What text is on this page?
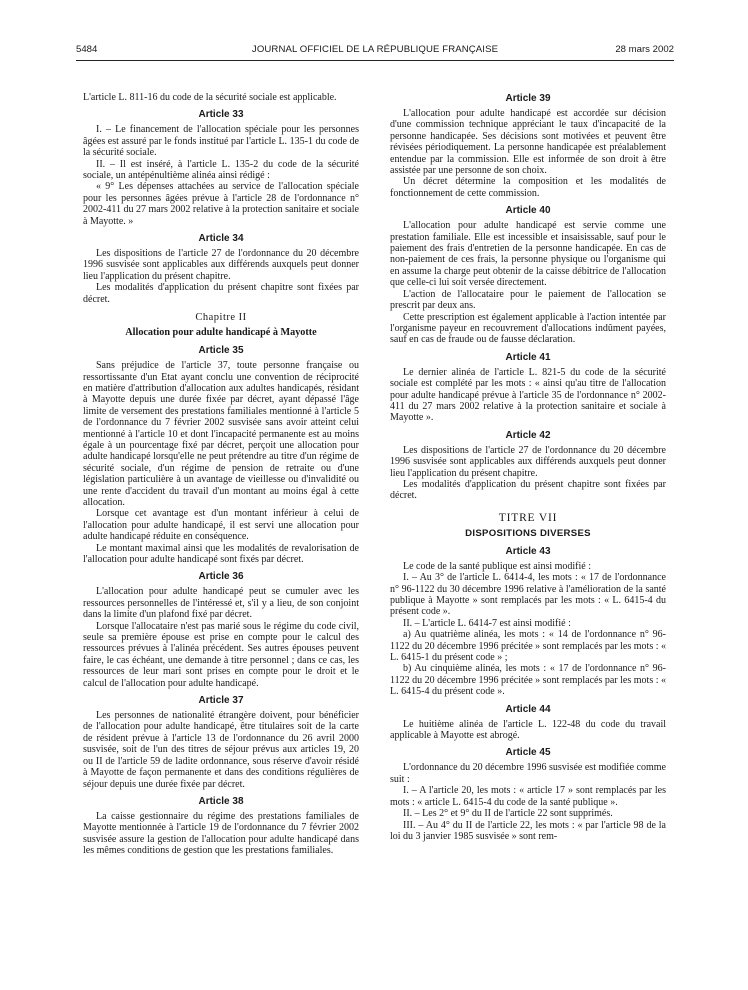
5484	JOURNAL OFFICIEL DE LA RÉPUBLIQUE FRANÇAISE	28 mars 2002

L'article L. 811-16 du code de la sécurité sociale est applicable.

Article 33

I. – Le financement de l'allocation spéciale pour les personnes âgées est assuré par le fonds institué par l'article L. 135-1 du code de la sécurité sociale.

II. – Il est inséré, à l'article L. 135-2 du code de la sécurité sociale, un antépénultième alinéa ainsi rédigé :

« 9° Les dépenses attachées au service de l'allocation spéciale pour les personnes âgées prévue à l'article 28 de l'ordonnance n° 2002-411 du 27 mars 2002 relative à la protection sanitaire et sociale à Mayotte. »

Article 34

Les dispositions de l'article 27 de l'ordonnance du 20 décembre 1996 susvisée sont applicables aux différends auxquels peut donner lieu l'application du présent chapitre.

Les modalités d'application du présent chapitre sont fixées par décret.

Chapitre II
Allocation pour adulte handicapé à Mayotte
Article 35

Sans préjudice de l'article 37, toute personne française ou ressortissante d'un Etat ayant conclu une convention de réciprocité en matière d'attribution d'allocation aux adultes handicapés, résidant à Mayotte depuis une durée fixée par décret, ayant dépassé l'âge limite de versement des prestations familiales mentionné à l'article 5 de l'ordonnance du 7 février 2002 susvisée sans avoir atteint celui mentionné à l'article 10 et dont l'incapacité permanente est au moins égale à un pourcentage fixé par décret, perçoit une allocation pour adulte handicapé lorsqu'elle ne peut prétendre au titre d'un régime de sécurité sociale, d'un régime de pension de retraite ou d'une législation particulière à un avantage de vieillesse ou d'invalidité ou une rente d'accident du travail d'un montant au moins égal à cette allocation.

Lorsque cet avantage est d'un montant inférieur à celui de l'allocation pour adulte handicapé, il est servi une allocation pour adulte handicapé réduite en conséquence.

Le montant maximal ainsi que les modalités de revalorisation de l'allocation pour adulte handicapé sont fixés par décret.

Article 36

L'allocation pour adulte handicapé peut se cumuler avec les ressources personnelles de l'intéressé et, s'il y a lieu, de son conjoint dans la limite d'un plafond fixé par décret.

Lorsque l'allocataire n'est pas marié sous le régime du code civil, seule sa première épouse est prise en compte pour le calcul des ressources prévues à l'alinéa précédent. Ses autres épouses peuvent faire, le cas échéant, une demande à titre personnel ; dans ce cas, les ressources de leur mari sont prises en compte pour le droit et le calcul de l'allocation pour adulte handicapé.

Article 37

Les personnes de nationalité étrangère doivent, pour bénéficier de l'allocation pour adulte handicapé, être titulaires soit de la carte de résident prévue à l'article 13 de l'ordonnance du 26 avril 2000 susvisée, soit de l'un des titres de séjour prévus aux articles 19, 20 ou II de l'article 59 de ladite ordonnance, sous réserve d'avoir résidé à Mayotte de façon permanente et dans des conditions régulières de séjour depuis une durée fixée par décret.

Article 38

La caisse gestionnaire du régime des prestations familiales de Mayotte mentionnée à l'article 19 de l'ordonnance du 7 février 2002 susvisée assure la gestion de l'allocation pour adulte handicapé dans les mêmes conditions de gestion que les prestations familiales.

Article 39

L'allocation pour adulte handicapé est accordée sur décision d'une commission technique appréciant le taux d'incapacité de la personne handicapée. Ses décisions sont motivées et peuvent être révisées périodiquement. La personne handicapée est préalablement entendue par la commission. Elle est informée de son droit à être assistée par une personne de son choix.

Un décret détermine la composition et les modalités de fonctionnement de cette commission.

Article 40

L'allocation pour adulte handicapé est servie comme une prestation familiale. Elle est incessible et insaisissable, sauf pour le paiement des frais d'entretien de la personne handicapée. En cas de non-paiement de ces frais, la personne physique ou l'organisme qui en assume la charge peut obtenir de la caisse débitrice de l'allocation que celle-ci lui soit versée directement.

L'action de l'allocataire pour le paiement de l'allocation se prescrit par deux ans.

Cette prescription est également applicable à l'action intentée par l'organisme payeur en recouvrement d'allocations indûment payées, sauf en cas de fraude ou de fausse déclaration.

Article 41

Le dernier alinéa de l'article L. 821-5 du code de la sécurité sociale est complété par les mots : « ainsi qu'au titre de l'allocation pour adulte handicapé prévue à l'article 35 de l'ordonnance n° 2002-411 du 27 mars 2002 relative à la protection sanitaire et sociale à Mayotte ».

Article 42

Les dispositions de l'article 27 de l'ordonnance du 20 décembre 1996 susvisée sont applicables aux différends auxquels peut donner lieu l'application du présent chapitre.

Les modalités d'application du présent chapitre sont fixées par décret.

TITRE VII
DISPOSITIONS DIVERSES
Article 43

Le code de la santé publique est ainsi modifié :

I. – Au 3° de l'article L. 6414-4, les mots : « 17 de l'ordonnance n° 96-1122 du 30 décembre 1996 relative à l'amélioration de la santé publique à Mayotte » sont remplacés par les mots : « L. 6415-4 du présent code ».

II. – L'article L. 6414-7 est ainsi modifié :

a) Au quatrième alinéa, les mots : « 14 de l'ordonnance n° 96-1122 du 20 décembre 1996 précitée » sont remplacés par les mots : « L. 6415-1 du présent code » ;

b) Au cinquième alinéa, les mots : « 17 de l'ordonnance n° 96-1122 du 20 décembre 1996 précitée » sont remplacés par les mots : « L. 6415-4 du présent code ».

Article 44

Le huitième alinéa de l'article L. 122-48 du code du travail applicable à Mayotte est abrogé.

Article 45

L'ordonnance du 20 décembre 1996 susvisée est modifiée comme suit :

I. – A l'article 20, les mots : « article 17 » sont remplacés par les mots : « article L. 6415-4 du code de la santé publique ».

II. – Les 2° et 9° du II de l'article 22 sont supprimés.

III. – Au 4° du II de l'article 22, les mots : « par l'article 98 de la loi du 3 janvier 1985 susvisée » sont rem-
